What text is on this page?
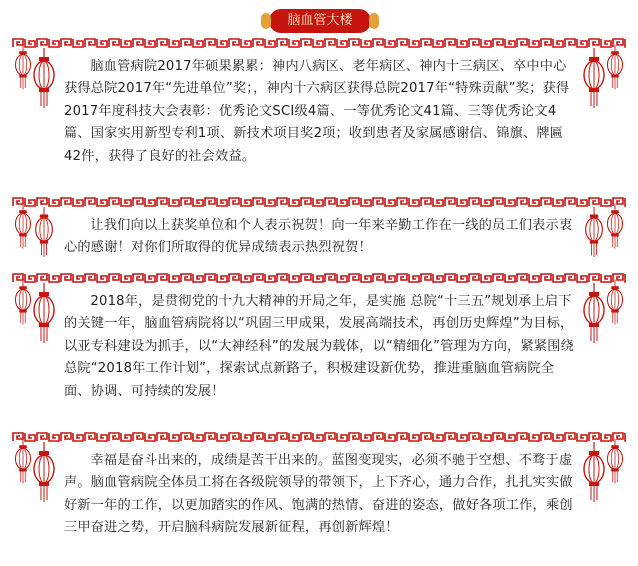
脑血管大楼

脑血管病院2017年硕果累累：神内八病区、老年病区、神内十三病区、卒中中心获得总院2017年“先进单位”奖；，神内十六病区获得总院2017年“特殊贡献”奖；获得2017年度科技大会表彰：优秀论文SCI级4篇、一等优秀论文41篇、三等优秀论文4篇、国家实用新型专利1项、新技术项目奖2项；收到患者及家属感谢信、锦旗、牌匾42件，获得了良好的社会效益。

让我们向以上获奖单位和个人表示祝贺！向一年来辛勤工作在一线的员工们表示衷心的感谢！对你们所取得的优异成绩表示热烈祝贺！

2018年，是贯彻党的十九大精神的开局之年，是实施 总院“十三五”规划承上启下的关键一年，脑血管病院将以“巩固三甲成果，发展高端技术，再创历史辉煌”为目标，以亚专科建设为抓手，以“大神经科”的发展为载体，以“精细化”管理为方向，紧紧围绕总院“2018年工作计划”，探索试点新路子，积极建设新优势，推进重脑血管病院全面、协调、可持续的发展！

幸福是奋斗出来的，成绩是苦干出来的。蓝图变现实，必须不驰于空想、不骛于虚声。脑血管病院全体员工将在各级院领导的带领下，上下齐心，通力合作，扎扎实实做好新一年的工作，以更加踏实的作风、饱满的热情、奋进的姿态，做好各项工作，乘创三甲奋进之势，开启脑科病院发展新征程，再创新辉煌！
